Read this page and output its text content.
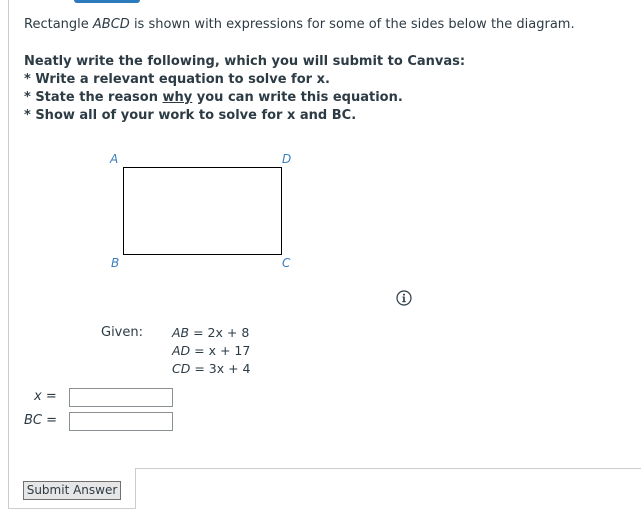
Rectangle ABCD is shown with expressions for some of the sides below the diagram.
Neatly write the following, which you will submit to Canvas:
* Write a relevant equation to solve for x.
* State the reason why you can write this equation.
* Show all of your work to solve for x and BC.
A	D
B	C
Given: AB = 2x + 8
AD = x + 17
CD = 3x + 4
x =
BC =
Submit Answer
